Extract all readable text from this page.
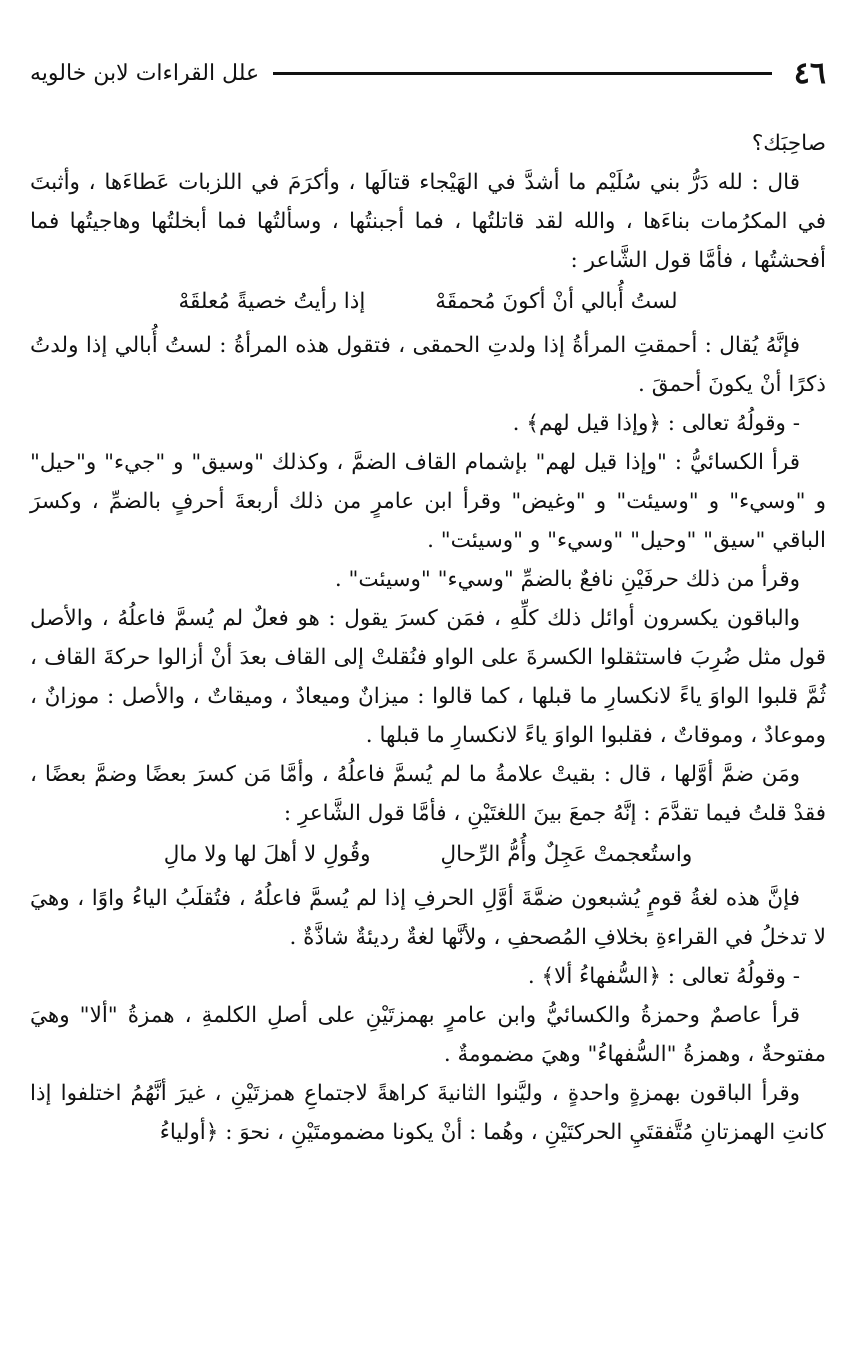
٤٦
علل القراءات لابن خالويه

صاحِبَك؟

قال : لله دَرُّ بني سُلَيْم ما أشدَّ في الهَيْجاء قتالَها ، وأكرَمَ في اللزبات عَطاءَها ، وأثبتَ في المكرُمات بناءَها ، والله لقد قاتلتُها ، فما أجبنتُها ، وسألتُها فما أبخلتُها وهاجيتُها فما أفحشتُها ، فأمَّا قول الشَّاعر :

لستُ أُبالي أنْ أكونَ مُحمقَهْ
إذا رأيتُ خصيةً مُعلقَهْ

فإنَّهُ يُقال : أحمقتِ المرأةُ إذا ولدتِ الحمقى ، فتقول هذه المرأةُ : لستُ أُبالي إذا ولدتُ ذكرًا أنْ يكونَ أحمقَ .

- وقولُهُ تعالى : ﴿وإذا قيل لهم﴾ .

قرأ الكسائيُّ : "وإذا قيل لهم" بإشمام القاف الضمَّ ، وكذلك "وسيق" و "جيء" و"حيل" و "وسيء" و "وسيئت" و "وغيض" وقرأ ابن عامرٍ من ذلك أربعةَ أحرفٍ بالضمِّ ، وكسرَ الباقي "سيق" "وحيل" "وسيء" و "وسيئت" .

وقرأ من ذلك حرفَيْنِ نافعٌ بالضمِّ "وسيء" "وسيئت" .

والباقون يكسرون أوائل ذلك كلِّهِ ، فمَن كسرَ يقول : هو فعلٌ لم يُسمَّ فاعلُهُ ، والأصل قول مثل ضُرِبَ فاستثقلوا الكسرةَ على الواو فنُقلتْ إلى القاف بعدَ أنْ أزالوا حركةَ القاف ، ثُمَّ قلبوا الواوَ ياءً لانكسارِ ما قبلها ، كما قالوا : ميزانٌ وميعادٌ ، وميقاتٌ ، والأصل : موزانٌ ، وموعادٌ ، وموقاتٌ ، فقلبوا الواوَ ياءً لانكسارِ ما قبلها .

ومَن ضمَّ أوَّلها ، قال : بقيتْ علامةُ ما لم يُسمَّ فاعلُهُ ، وأمَّا مَن كسرَ بعضًا وضمَّ بعضًا ، فقدْ قلتُ فيما تقدَّمَ : إنَّهُ جمعَ بينَ اللغتَيْنِ ، فأمَّا قول الشَّاعرِ :

واستُعجمتْ عَجِلٌ وأُمُّ الرِّحالِ
وقُولِ لا أهلَ لها ولا مالِ

فإنَّ هذه لغةُ قومٍ يُشبعون ضمَّةَ أوَّلِ الحرفِ إذا لم يُسمَّ فاعلُهُ ، فتُقلَبُ الياءُ واوًا ، وهيَ لا تدخلُ في القراءةِ بخلافِ المُصحفِ ، ولأنَّها لغةٌ رديئةٌ شاذَّةٌ .

- وقولُهُ تعالى : ﴿السُّفهاءُ ألا﴾ .

قرأ عاصمٌ وحمزةُ والكسائيُّ وابن عامرٍ بهمزتَيْنِ على أصلِ الكلمةِ ، همزةُ "ألا" وهيَ مفتوحةٌ ، وهمزةُ "السُّفهاءُ" وهيَ مضمومةٌ .

وقرأ الباقون بهمزةٍ واحدةٍ ، وليَّنوا الثانيةَ كراهةً لاجتماعِ همزتَيْنِ ، غيرَ أنَّهُمُ اختلفوا إذا كانتِ الهمزتانِ مُتَّفقتَيِ الحركتَيْنِ ، وهُما : أنْ يكونا مضمومتَيْنِ ، نحوَ : ﴿أولياءُ
